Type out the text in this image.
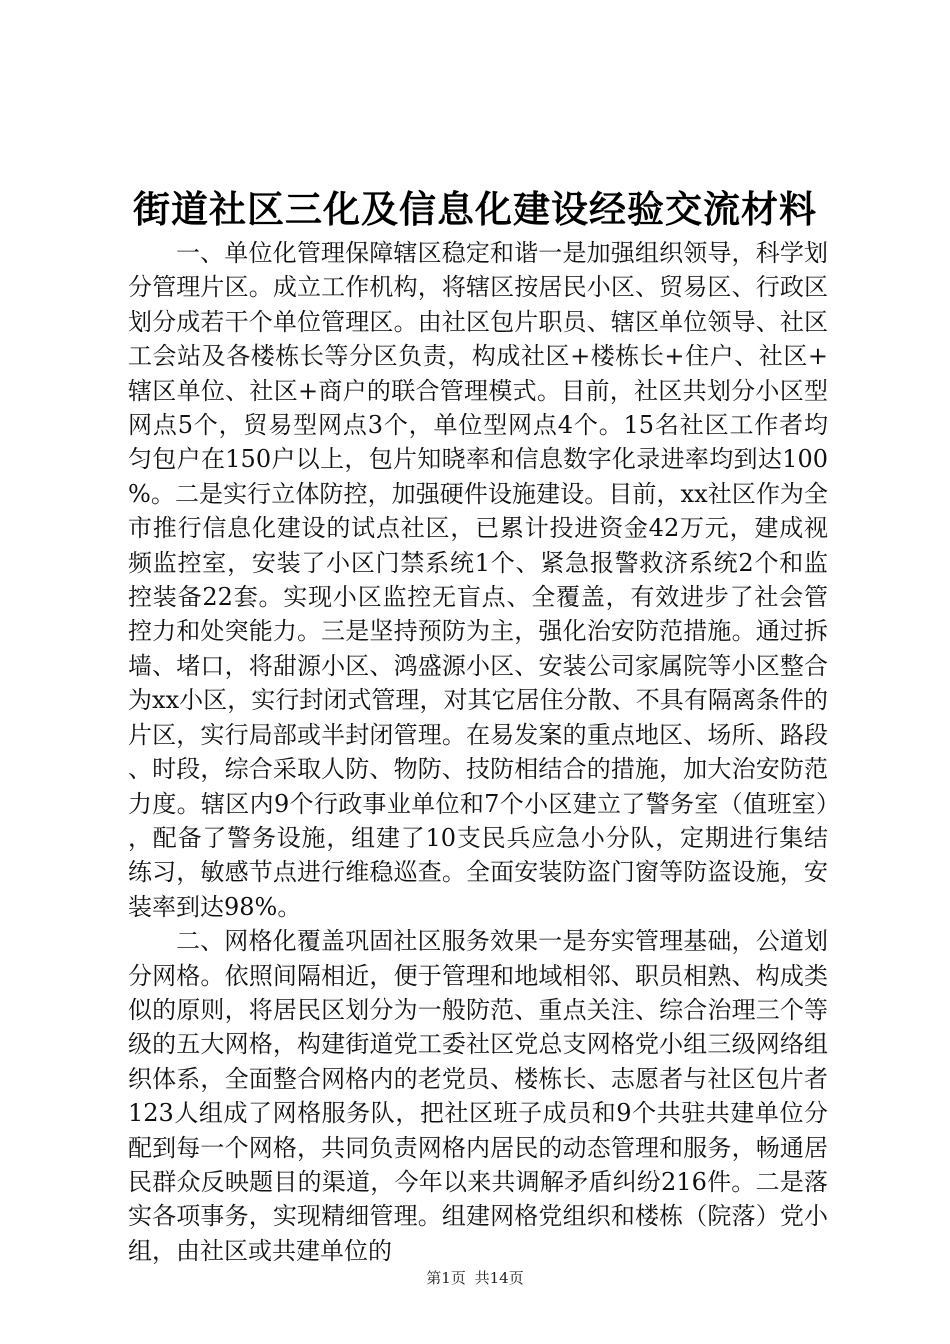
街道社区三化及信息化建设经验交流材料

一、单位化管理保障辖区稳定和谐一是加强组织领导，科学划分管理片区。成立工作机构，将辖区按居民小区、贸易区、行政区划分成若干个单位管理区。由社区包片职员、辖区单位领导、社区工会站及各楼栋长等分区负责，构成社区+楼栋长+住户、社区+辖区单位、社区+商户的联合管理模式。目前，社区共划分小区型网点5个，贸易型网点3个，单位型网点4个。15名社区工作者均匀包户在150户以上，包片知晓率和信息数字化录进率均到达100%。二是实行立体防控，加强硬件设施建设。目前，xx社区作为全市推行信息化建设的试点社区，已累计投进资金42万元，建成视频监控室，安装了小区门禁系统1个、紧急报警救济系统2个和监控装备22套。实现小区监控无盲点、全覆盖，有效进步了社会管控力和处突能力。三是坚持预防为主，强化治安防范措施。通过拆墙、堵口，将甜源小区、鸿盛源小区、安装公司家属院等小区整合为xx小区，实行封闭式管理，对其它居住分散、不具有隔离条件的片区，实行局部或半封闭管理。在易发案的重点地区、场所、路段、时段，综合采取人防、物防、技防相结合的措施，加大治安防范力度。辖区内9个行政事业单位和7个小区建立了警务室（值班室），配备了警务设施，组建了10支民兵应急小分队，定期进行集结练习，敏感节点进行维稳巡查。全面安装防盗门窗等防盗设施，安装率到达98%。

二、网格化覆盖巩固社区服务效果一是夯实管理基础，公道划分网格。依照间隔相近，便于管理和地域相邻、职员相熟、构成类似的原则，将居民区划分为一般防范、重点关注、综合治理三个等级的五大网格，构建街道党工委社区党总支网格党小组三级网络组织体系，全面整合网格内的老党员、楼栋长、志愿者与社区包片者123人组成了网格服务队，把社区班子成员和9个共驻共建单位分配到每一个网格，共同负责网格内居民的动态管理和服务，畅通居民群众反映题目的渠道，今年以来共调解矛盾纠纷216件。二是落实各项事务，实现精细管理。组建网格党组织和楼栋（院落）党小组，由社区或共建单位的

第1页 共14页
